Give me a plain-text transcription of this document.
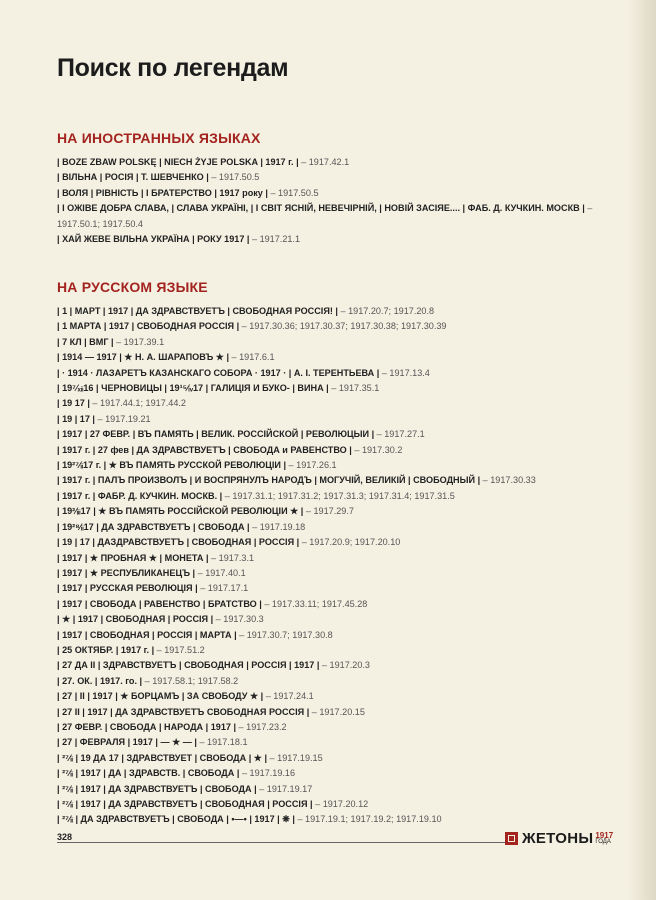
Поиск по легендам
НА ИНОСТРАННЫХ ЯЗЫКАХ
| BOZE ZBAW POLSKĘ | NIECH ŻYJE POLSKA | 1917 г. | – 1917.42.1
| ВІЛЬНА | РОСІЯ | Т. ШЕВЧЕНКО | – 1917.50.5
| ВОЛЯ | РІВНІСТЬ | І БРАТЕРСТВО | 1917 року | – 1917.50.5
| І ОЖІВЕ ДОБРА СЛАВА, | СЛАВА УКРАЇНІ, | І СВІТ ЯСНІЙ, НЕВЕЧІРНІЙ, | НОВІЙ ЗАСІЯЕ.... | ФАБ. Д. КУЧКИН. МОСКВ | – 1917.50.1; 1917.50.4
| ХАЙ ЖЕВЕ ВІЛЬНА УКРАЇНА | РОКУ 1917 | – 1917.21.1
НА РУССКОМ ЯЗЫКЕ
| 1 | МАРТ | 1917 | ДА ЗДРАВСТВУЕТЪ | СВОБОДНАЯ РОССІЯ! | – 1917.20.7; 1917.20.8
| 1 МАРТА | 1917 | СВОБОДНАЯ РОССІЯ | – 1917.30.36; 1917.30.37; 1917.30.38; 1917.30.39
| 7 КЛ | ВМГ | – 1917.39.1
| 1914 — 1917 | ★ Н. А. ШАРАПОВЪ ★ | – 1917.6.1
| · 1914 · ЛАЗАРЕТЪ КАЗАНСКАГО СОБОРА · 1917 · | А. І. ТЕРЕНТЬЕВА | – 1917.13.4
| 19⁷⁄ₓᵢᵢ16 | ЧЕРНОВИЦЫ | 19¹⁵⁄ᵢᵥ17 | ГАЛИЦІЯ И БУКО- | ВИНА | – 1917.35.1
| 19 17 | – 1917.44.1; 1917.44.2
| 19 | 17 | – 1917.19.21
| 1917 | 27 ФЕВР. | ВЪ ПАМЯТЬ | ВЕЛИК. РОССІЙСКОЙ | РЕВОЛЮЦЫИ | – 1917.27.1
| 1917 г. | 27 фев | ДА ЗДРАВСТВУЕТЪ | СВОБОДА и РАВЕНСТВО | – 1917.30.2
| 19²⁷⁄ᵢᵢ17 г. | ★ ВЪ ПАМЯТЬ РУССКОЙ РЕВОЛЮЦІИ | – 1917.26.1
| 1917 г. | ПАЛЪ ПРОИЗВОЛЪ | И ВОСПРЯНУЛЪ НАРОДЪ | МОГУЧІЙ, ВЕЛИКІЙ | СВОБОДНЫЙ | – 1917.30.33
| 1917 г. | ФАБР. Д. КУЧКИН. МОСКВ. | – 1917.31.1; 1917.31.2; 1917.31.3; 1917.31.4; 1917.31.5
| 19²⁄ᵢᵢᵢ17 | ★ ВЪ ПАМЯТЬ РОССІЙСКОЙ РЕВОЛЮЦІИ ★ | – 1917.29.7
| 19²⁸⁄ᵢᵢ17 | ДА ЗДРАВСТВУЕТЪ | СВОБОДА | – 1917.19.18
| 19 | 17 | ДАЗДРАВСТВУЕТЪ | СВОБОДНАЯ | РОССІЯ | – 1917.20.9; 1917.20.10
| 1917 | ★ ПРОБНАЯ ★ | МОНЕТА | – 1917.3.1
| 1917 | ★ РЕСПУБЛИКАНЕЦЪ | – 1917.40.1
| 1917 | РУССКАЯ РЕВОЛЮЦІЯ | – 1917.17.1
| 1917 | СВОБОДА | РАВЕНСТВО | БРАТСТВО | – 1917.33.11; 1917.45.28
| ★ | 1917 | СВОБОДНАЯ | РОССІЯ | – 1917.30.3
| 1917 | СВОБОДНАЯ | РОССІЯ | МАРТА | – 1917.30.7; 1917.30.8
| 25 ОКТЯБР. | 1917 г. | – 1917.51.2
| 27 ДА II | ЗДРАВСТВУЕТЪ | СВОБОДНАЯ | РОССІЯ | 1917 | – 1917.20.3
| 27. ОК. | 1917. го. | – 1917.58.1; 1917.58.2
| 27 | II | 1917 | ★ БОРЦАМЪ | ЗА СВОБОДУ ★ | – 1917.24.1
| 27 II | 1917 | ДА ЗДРАВСТВУЕТЪ СВОБОДНАЯ РОССІЯ | – 1917.20.15
| 27 ФЕВР. | СВОБОДА | НАРОДА | 1917 | – 1917.23.2
| 27 | ФЕВРАЛЯ | 1917 | — ★ — | – 1917.18.1
| ²⁷⁄ᵢᵢ | 19 ДА 17 | ЗДРАВСТВУЕТ | СВОБОДА | ★ | – 1917.19.15
| ²⁷⁄ᵢᵢ | 1917 | ДА | ЗДРАВСТВ. | СВОБОДА | – 1917.19.16
| ²⁷⁄ᵢᵢ | 1917 | ДА ЗДРАВСТВУЕТЪ | СВОБОДА | – 1917.19.17
| ²⁷⁄ᵢᵢ | 1917 | ДА ЗДРАВСТВУЕТЪ | СВОБОДНАЯ | РОССІЯ | – 1917.20.12
| ²⁷⁄ᵢᵢ | ДА ЗДРАВСТВУЕТЪ | СВОБОДА | •—• | 1917 | ❋ | – 1917.19.1; 1917.19.2; 1917.19.10
328	ЖЕТОНЫ 1917
ГОДА
